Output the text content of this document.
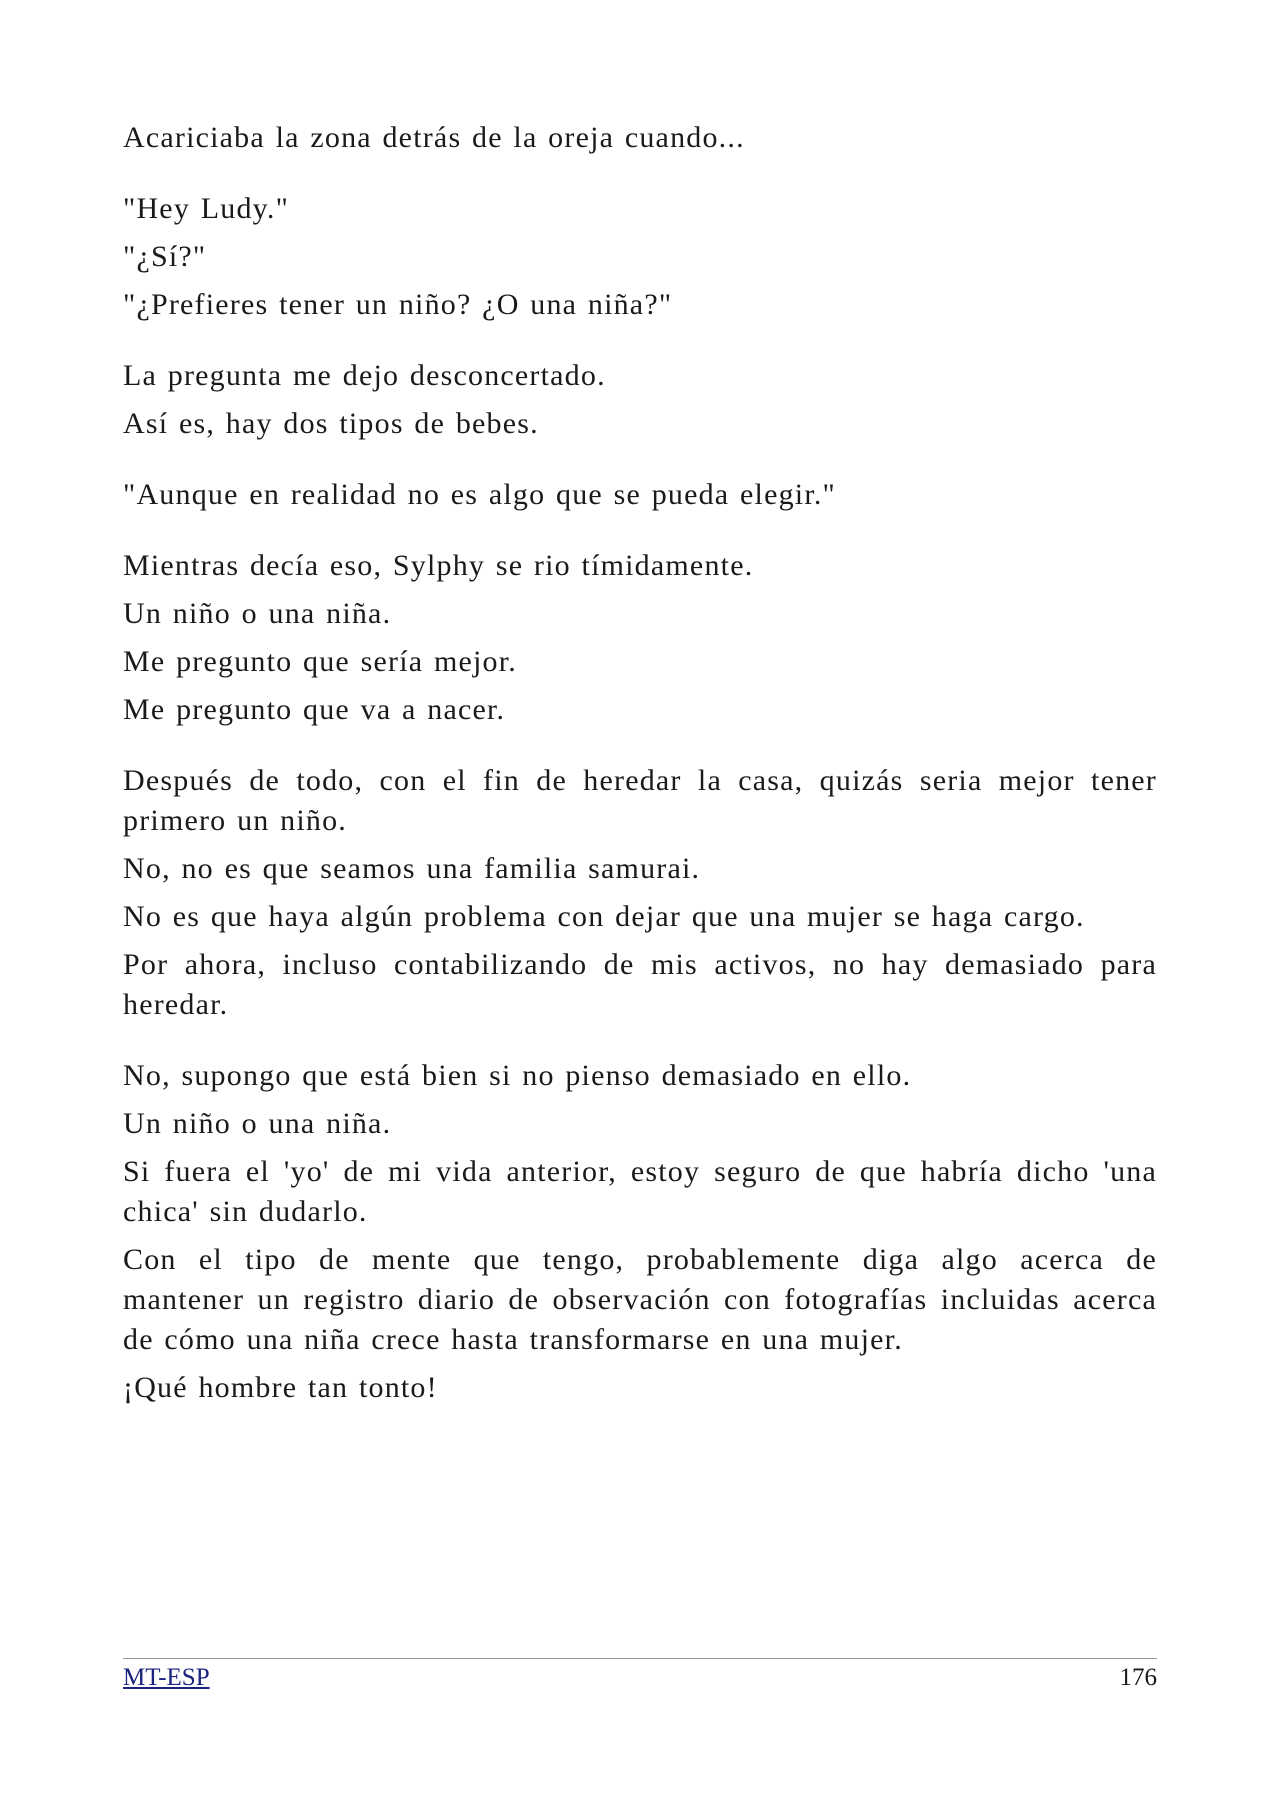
Acariciaba la zona detrás de la oreja cuando...

"Hey Ludy."

"¿Sí?"

"¿Prefieres tener un niño? ¿O una niña?"

La pregunta me dejo desconcertado.

Así es, hay dos tipos de bebes.

"Aunque en realidad no es algo que se pueda elegir."

Mientras decía eso, Sylphy se rio tímidamente.

Un niño o una niña.

Me pregunto que sería mejor.

Me pregunto que va a nacer.

Después de todo, con el fin de heredar la casa, quizás seria mejor tener primero un niño.

No, no es que seamos una familia samurai.

No es que haya algún problema con dejar que una mujer se haga cargo.

Por ahora, incluso contabilizando de mis activos, no hay demasiado para heredar.

No, supongo que está bien si no pienso demasiado en ello.

Un niño o una niña.

Si fuera el 'yo' de mi vida anterior, estoy seguro de que habría dicho 'una chica' sin dudarlo.

Con el tipo de mente que tengo, probablemente diga algo acerca de mantener un registro diario de observación con fotografías incluidas acerca de cómo una niña crece hasta transformarse en una mujer.

¡Qué hombre tan tonto!

MT-ESP	176
